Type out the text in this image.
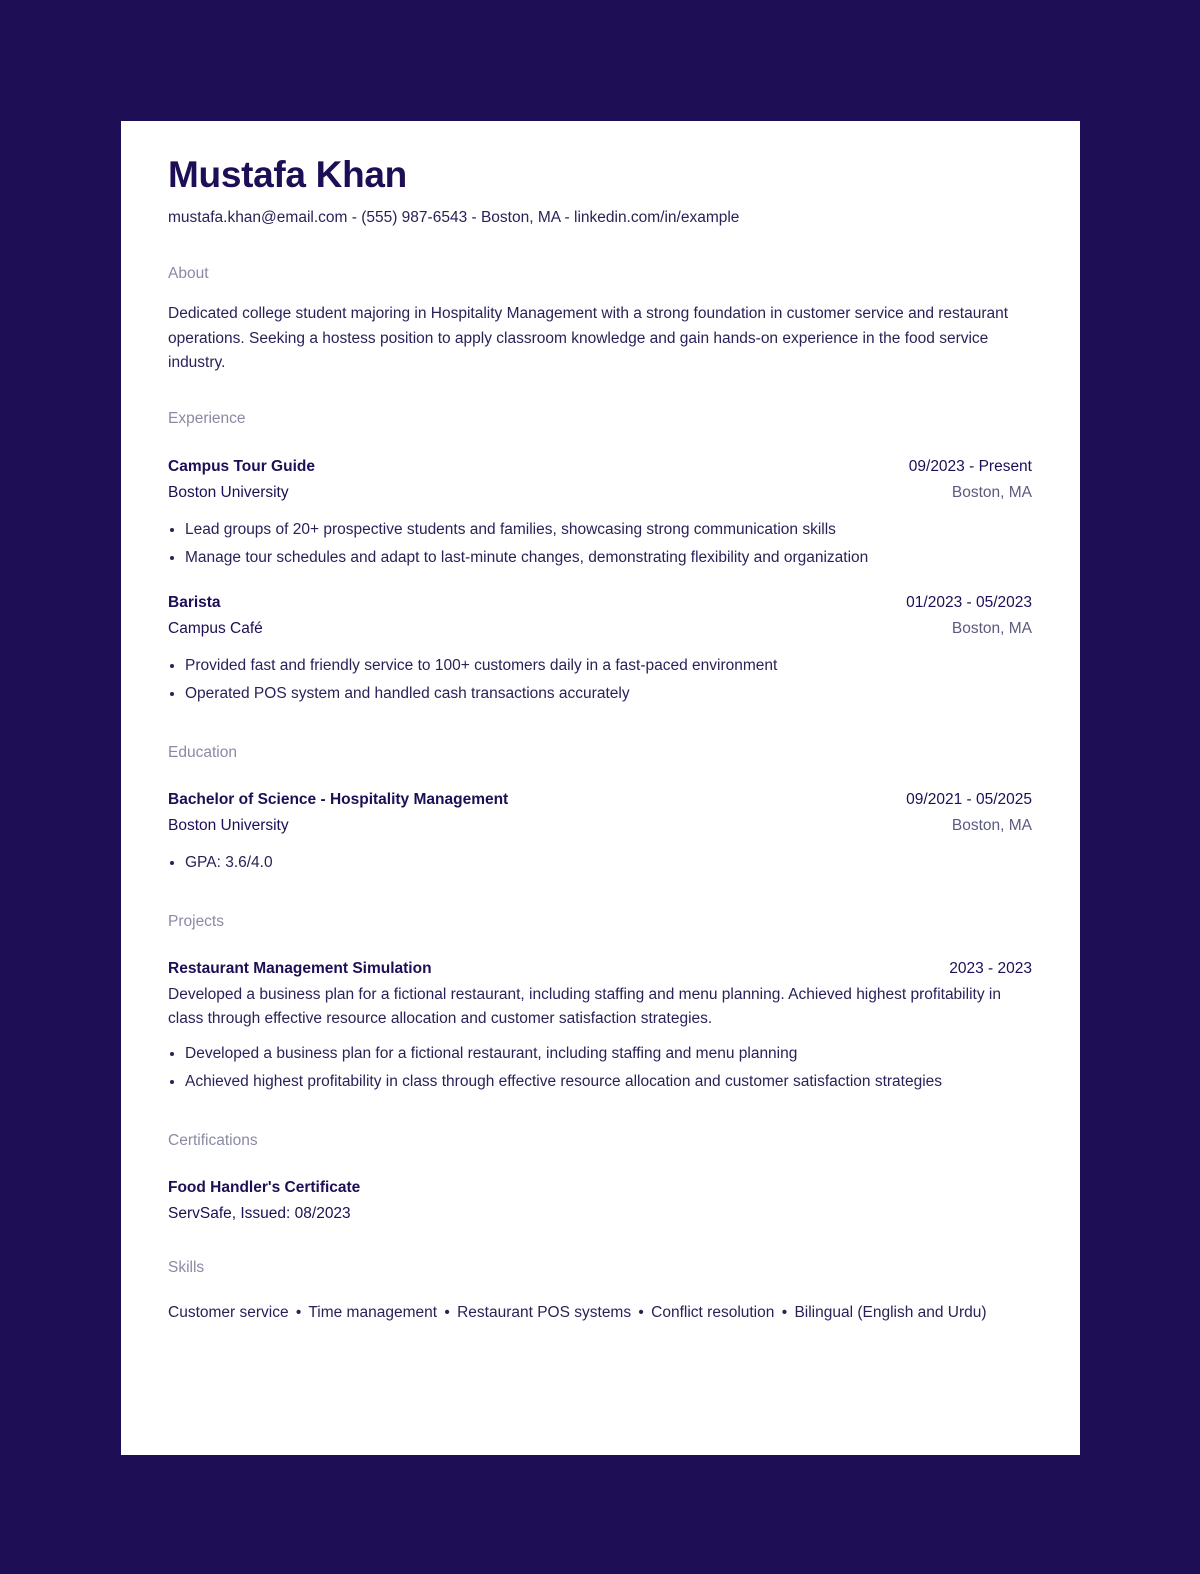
Mustafa Khan
mustafa.khan@email.com - (555) 987-6543 - Boston, MA - linkedin.com/in/example
About
Dedicated college student majoring in Hospitality Management with a strong foundation in customer service and restaurant operations. Seeking a hostess position to apply classroom knowledge and gain hands-on experience in the food service industry.
Experience
Campus Tour Guide	09/2023 - Present
Boston University	Boston, MA
• Lead groups of 20+ prospective students and families, showcasing strong communication skills
• Manage tour schedules and adapt to last-minute changes, demonstrating flexibility and organization
Barista	01/2023 - 05/2023
Campus Café	Boston, MA
• Provided fast and friendly service to 100+ customers daily in a fast-paced environment
• Operated POS system and handled cash transactions accurately
Education
Bachelor of Science - Hospitality Management	09/2021 - 05/2025
Boston University	Boston, MA
• GPA: 3.6/4.0
Projects
Restaurant Management Simulation	2023 - 2023
Developed a business plan for a fictional restaurant, including staffing and menu planning. Achieved highest profitability in class through effective resource allocation and customer satisfaction strategies.
• Developed a business plan for a fictional restaurant, including staffing and menu planning
• Achieved highest profitability in class through effective resource allocation and customer satisfaction strategies
Certifications
Food Handler's Certificate
ServSafe, Issued: 08/2023
Skills
Customer service • Time management • Restaurant POS systems • Conflict resolution • Bilingual (English and Urdu)
